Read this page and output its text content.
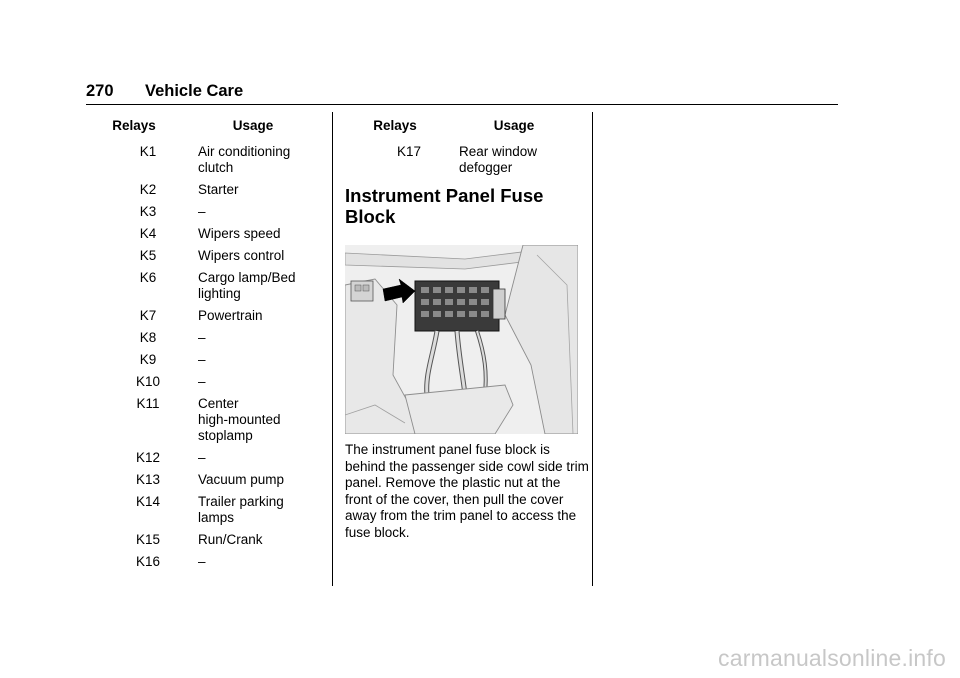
270 Vehicle Care
Relays	Usage
K1	Air conditioning
clutch
K2	Starter
K3	–
K4	Wipers speed
K5	Wipers control
K6	Cargo lamp/Bed
lighting
K7	Powertrain
K8	–
K9	–
K10	–
K11	Center
high-mounted stoplamp
K12	–
K13	Vacuum pump
K14	Trailer parking
lamps
K15	Run/Crank
K16	–
Relays	Usage
K17	Rear window
defogger
Instrument Panel Fuse Block
The instrument panel fuse block is behind the passenger side cowl side trim panel. Remove the plastic nut at the front of the cover, then pull the cover away from the trim panel to access the fuse block.
carmanualsonline.info
